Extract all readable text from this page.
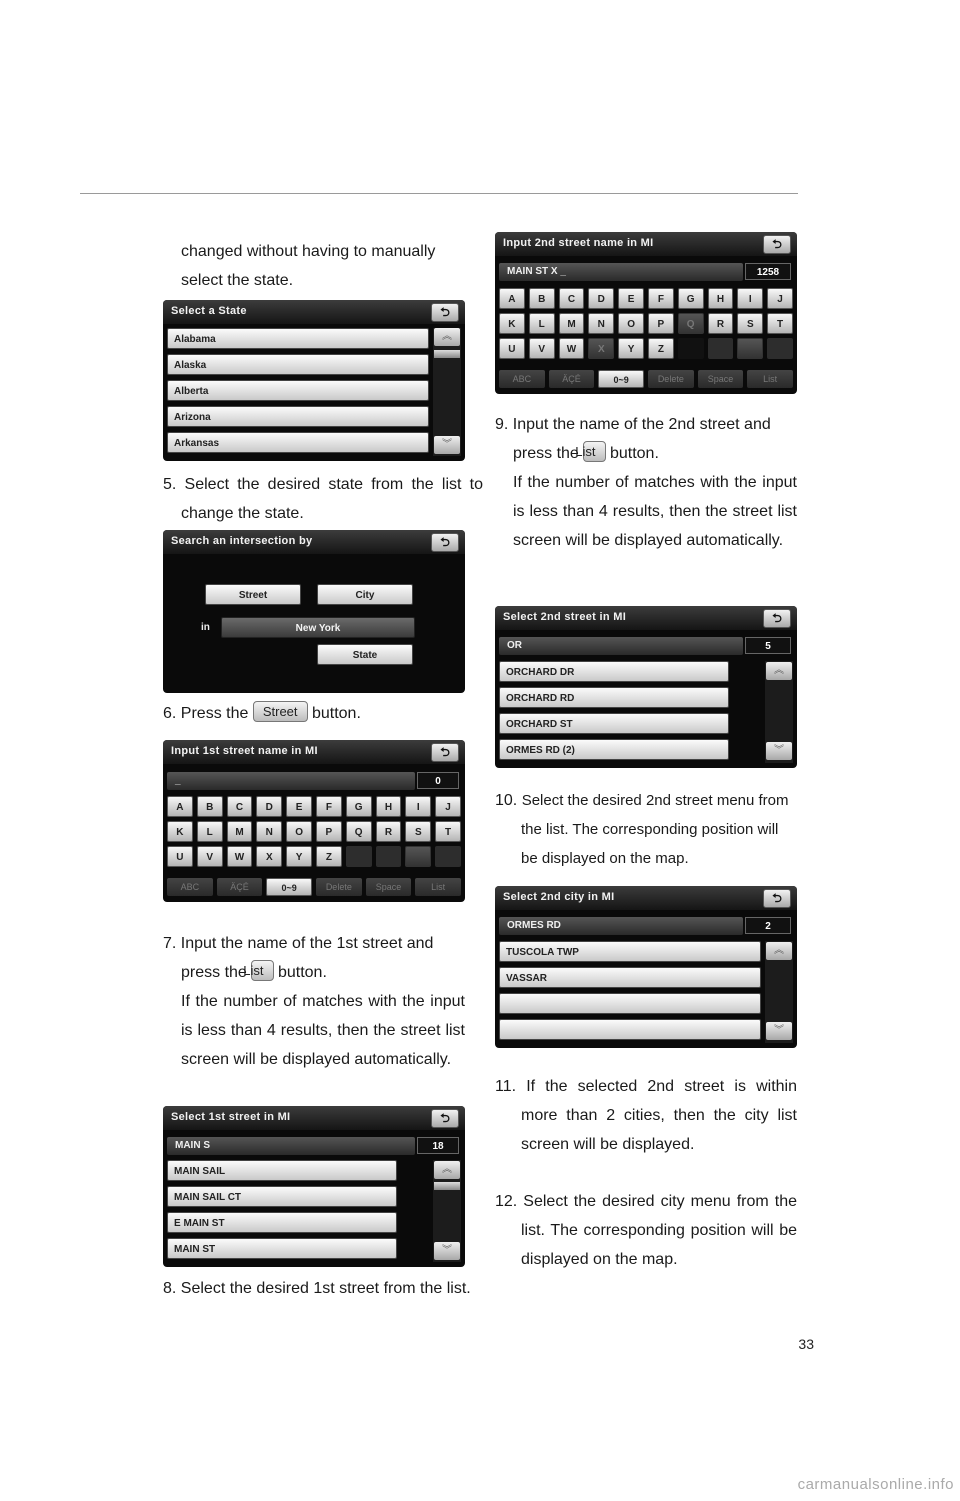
changed without having to manually

select the state.

Select a State	⮌
Alabama
Alaska
Alberta
Arizona
Arkansas
︽
︾
5. Select the desired state from the list to change the state.
Search an intersection by	⮌
Street	City
in	New York
State
6. Press the Street button.
Input 1st street name in MI	⮌
_	0
A	B	C	D	E	F	G	H	I	J
K	L	M	N	O	P	Q	R	S	T
U	V	W	X	Y	Z
ABC	ÄÇÉ	0~9	Delete	Space	List

7. Input the name of the 1st street and press the List button.

If the number of matches with the input is less than 4 results, then the street list screen will be displayed automatically.

Select 1st street in MI	⮌
MAIN S	18
MAIN SAIL
MAIN SAIL CT
E MAIN ST
MAIN ST
︽
︾
8. Select the desired 1st street from the list.
Input 2nd street name in MI	⮌
MAIN ST X _	1258
A	B	C	D	E	F	G	H	I	J
K	L	M	N	O	P	Q	R	S	T
U	V	W	X	Y	Z
ABC	ÄÇÉ	0~9	Delete	Space	List

9. Input the name of the 2nd street and press the List button.

If the number of matches with the input is less than 4 results, then the street list screen will be displayed automatically.

Select 2nd street in MI	⮌
OR	5
ORCHARD DR
ORCHARD RD
ORCHARD ST
ORMES RD (2)
︽
︾
10. Select the desired 2nd street menu from the list. The corresponding position will be displayed on the map.
Select 2nd city in MI	⮌
ORMES RD	2
TUSCOLA TWP
VASSAR
︽
︾
11. If the selected 2nd street is within more than 2 cities, then the city list screen will be displayed.
12. Select the desired city menu from the list. The corresponding position will be displayed on the map.
33
carmanualsonline.info
